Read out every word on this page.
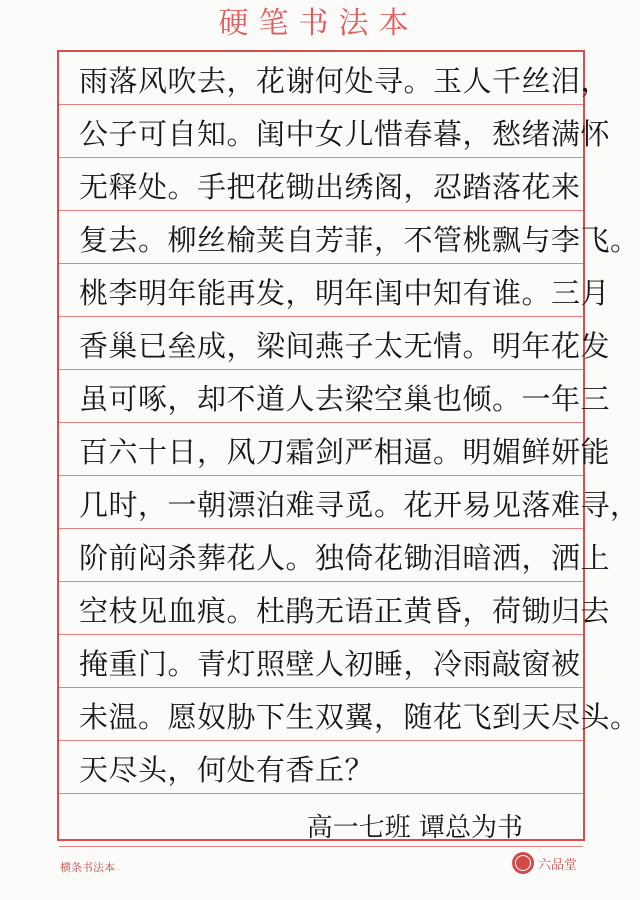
硬笔书法本
雨落风吹去，花谢何处寻。玉人千丝泪，
公子可自知。闺中女儿惜春暮，愁绪满怀
无释处。手把花锄出绣阁，忍踏落花来
复去。柳丝榆荚自芳菲，不管桃飘与李飞。
桃李明年能再发，明年闺中知有谁。三月
香巢已垒成，梁间燕子太无情。明年花发
虽可啄，却不道人去梁空巢也倾。一年三
百六十日，风刀霜剑严相逼。明媚鲜妍能
几时，一朝漂泊难寻觅。花开易见落难寻，
阶前闷杀葬花人。独倚花锄泪暗洒，洒上
空枝见血痕。杜鹃无语正黄昏，荷锄归去
掩重门。青灯照壁人初睡，冷雨敲窗被
未温。愿奴胁下生双翼，随花飞到天尽头。
天尽头，何处有香丘？
高一七班 谭总为书
横条书法本	六品堂
